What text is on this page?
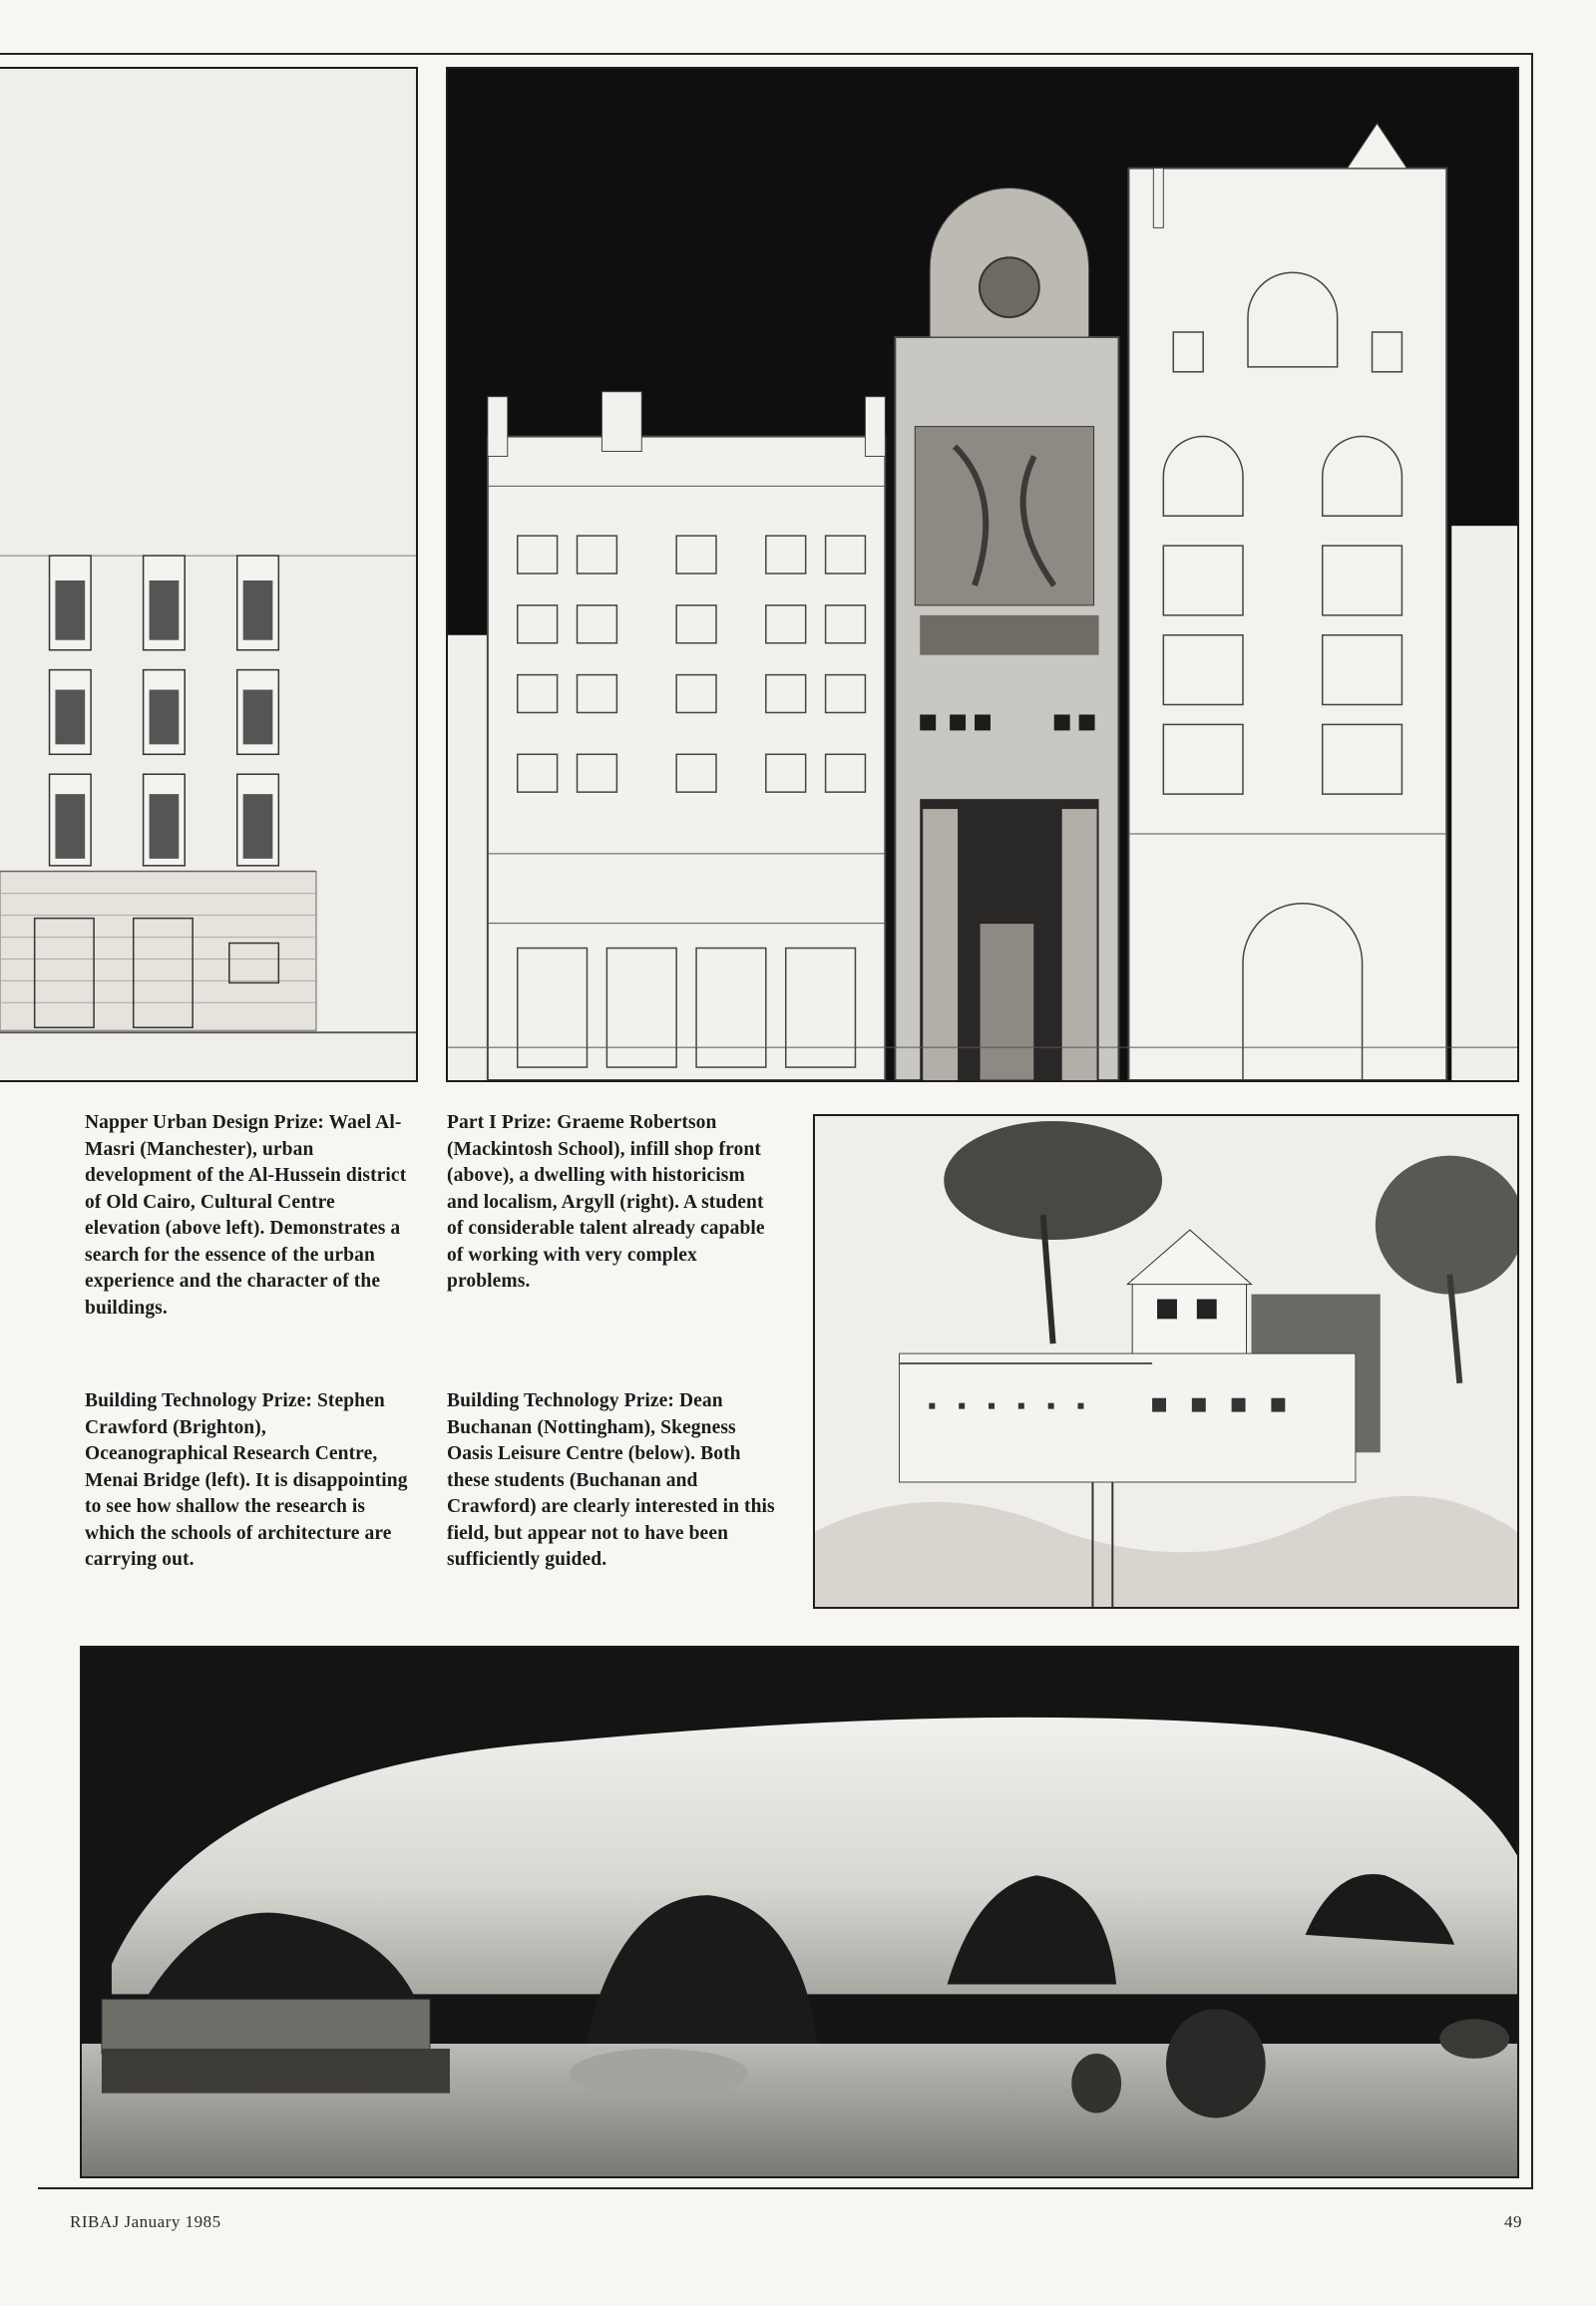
Napper Urban Design Prize: Wael Al-Masri (Manchester), urban development of the Al-Hussein district of Old Cairo, Cultural Centre elevation (above left). Demonstrates a search for the essence of the urban experience and the character of the buildings.

Building Technology Prize: Stephen Crawford (Brighton), Oceanographical Research Centre, Menai Bridge (left). It is disappointing to see how shallow the research is which the schools of architecture are carrying out.

Part I Prize: Graeme Robertson (Mackintosh School), infill shop front (above), a dwelling with historicism and localism, Argyll (right). A student of considerable talent already capable of working with very complex problems.

Building Technology Prize: Dean Buchanan (Nottingham), Skegness Oasis Leisure Centre (below). Both these students (Buchanan and Crawford) are clearly interested in this field, but appear not to have been sufficiently guided.

RIBAJ January 1985	49
